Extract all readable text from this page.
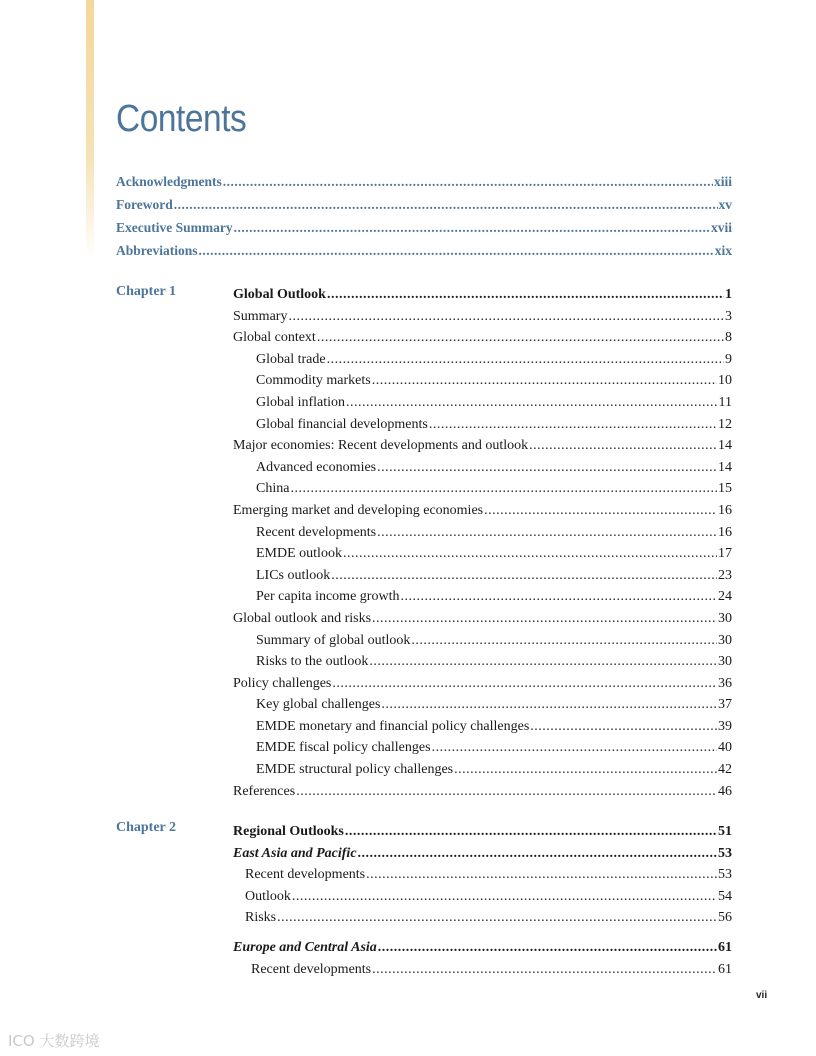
Contents
Acknowledgments .....	xiii
Foreword .....	xv
Executive Summary .....	xvii
Abbreviations .....	xix
Chapter 1	Global Outlook .....	1
Summary .....	3
Global context .....	8
Global trade .....	9
Commodity markets .....	10
Global inflation .....	11
Global financial developments .....	12
Major economies: Recent developments and outlook .....	14
Advanced economies .....	14
China .....	15
Emerging market and developing economies .....	16
Recent developments .....	16
EMDE outlook .....	17
LICs outlook .....	23
Per capita income growth .....	24
Global outlook and risks .....	30
Summary of global outlook .....	30
Risks to the outlook .....	30
Policy challenges .....	36
Key global challenges .....	37
EMDE monetary and financial policy challenges .....	39
EMDE fiscal policy challenges .....	40
EMDE structural policy challenges .....	42
References .....	46
Chapter 2	Regional Outlooks .....	51
East Asia and Pacific .....	53
Recent developments .....	53
Outlook .....	54
Risks .....	56
Europe and Central Asia .....	61
Recent developments .....	61
vii
ICO 大数跨境
